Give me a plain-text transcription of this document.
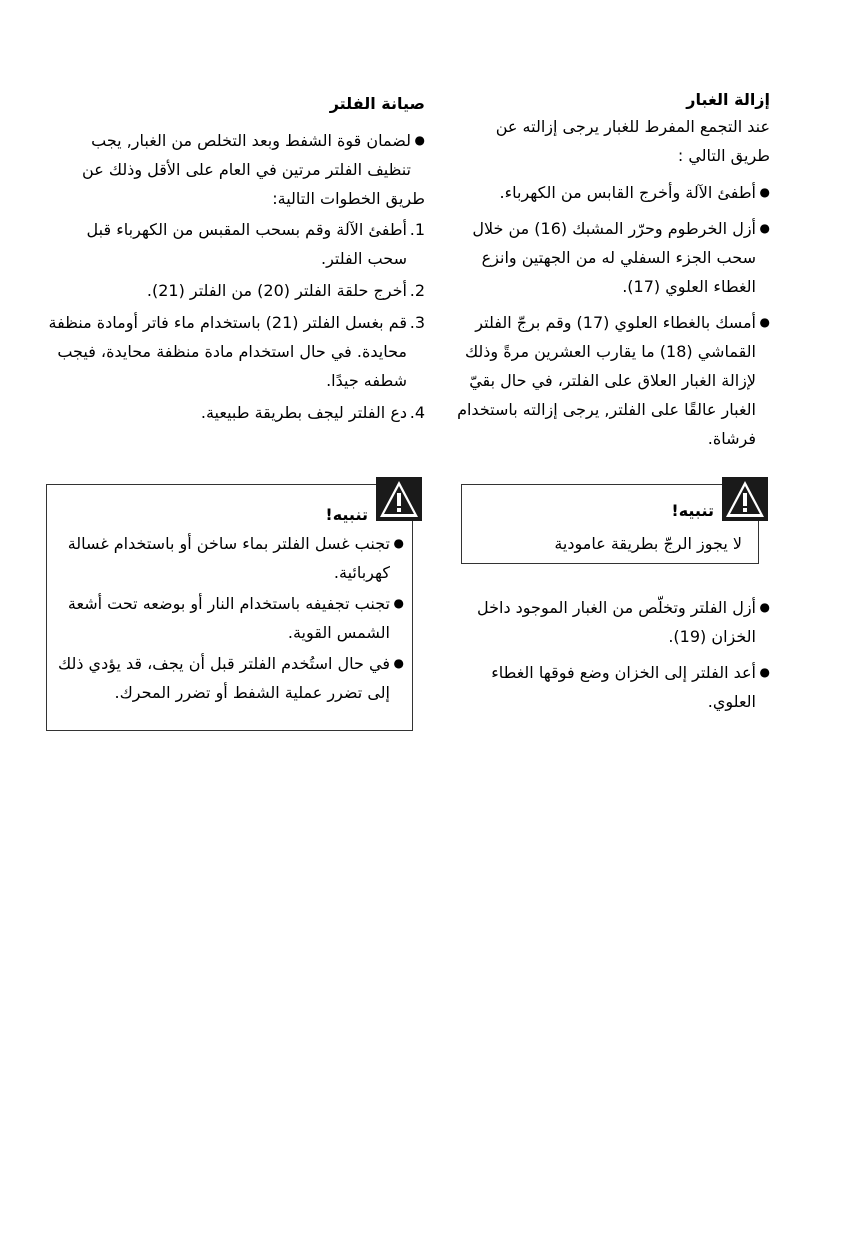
إزالة الغبار

عند التجمع المفرط للغبار يرجى إزالته عن طريق التالي :

●
أطفئ الآلة وأخرج القابس من الكهرباء.
●
أزل الخرطوم وحرّر المشبك (16) من خلال سحب الجزء السفلي له من الجهتين وانزع الغطاء العلوي (17).
●
أمسك بالغطاء العلوي (17) وقم برجّ الفلتر القماشي (18) ما يقارب العشرين مرةً وذلك لإزالة الغبار العلاق على الفلتر، في حال بقيّ الغبار عالقًا على الفلتر, يرجى إزالته باستخدام فرشاة.
تنبيه!
لا يجوز الرجّ بطريقة عامودية
●
أزل الفلتر وتخلّص من الغبار الموجود داخل الخزان (19).
●
أعد الفلتر إلى الخزان وضع فوقها الغطاء العلوي.
صيانة الفلتر
●
لضمان قوة الشفط وبعد التخلص من الغبار, يجب تنظيف الفلتر مرتين في العام على الأقل وذلك عن

طريق الخطوات التالية:

1.
أطفئ الآلة وقم بسحب المقبس من الكهرباء قبل سحب الفلتر.
2.
أخرج حلقة الفلتر (20) من الفلتر (21).
3.
قم بغسل الفلتر (21) باستخدام ماء فاتر أومادة منظفة محايدة. في حال استخدام مادة منظفة محايدة، فيجب شطفه جيدًا.
4.
دع الفلتر ليجف بطريقة طبيعية.
تنبيه!
●
تجنب غسل الفلتر بماء ساخن أو باستخدام غسالة كهربائية.
●
تجنب تجفيفه باستخدام النار أو بوضعه تحت أشعة الشمس القوية.
●
في حال استُخدم الفلتر قبل أن يجف، قد يؤدي ذلك إلى تضرر عملية الشفط أو تضرر المحرك.
